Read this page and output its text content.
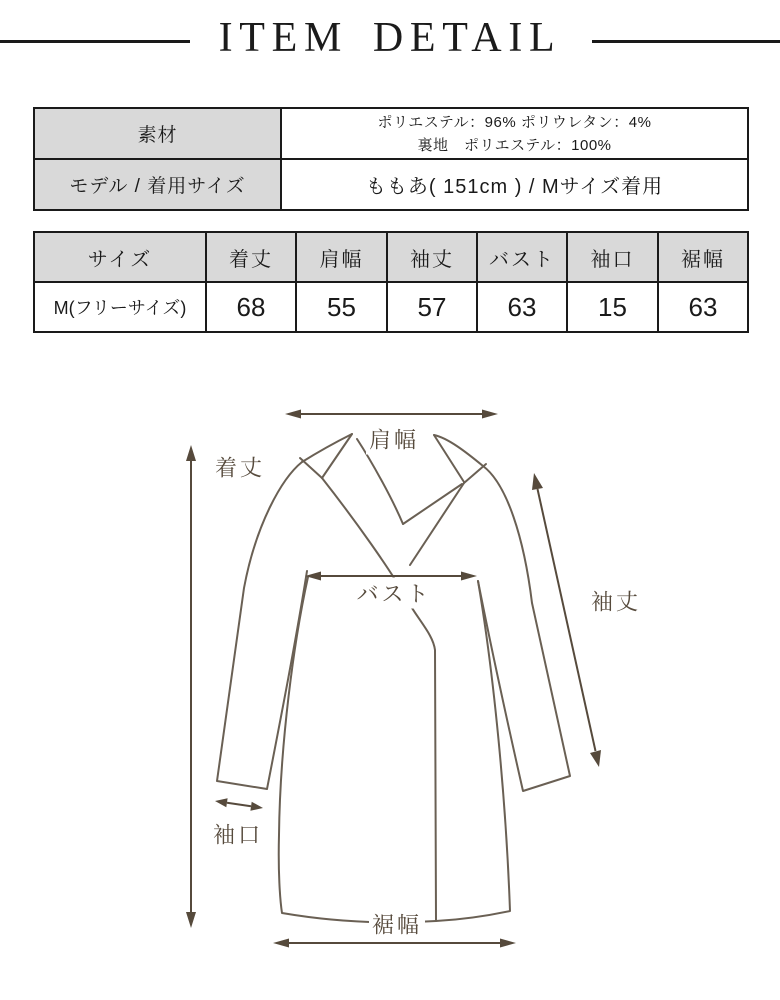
ITEM DETAIL
素材	ポリエステル：96% ポリウレタン：4%
裏地　ポリエステル：100%

モデル / 着用サイズ	ももあ( 151cm ) / Mサイズ着用
サイズ	着丈	肩幅	袖丈	バスト	袖口	裾幅
M(フリーサイズ)	68	55	57	63	15	63
肩幅
着丈
バスト	袖丈
袖口
裾幅
